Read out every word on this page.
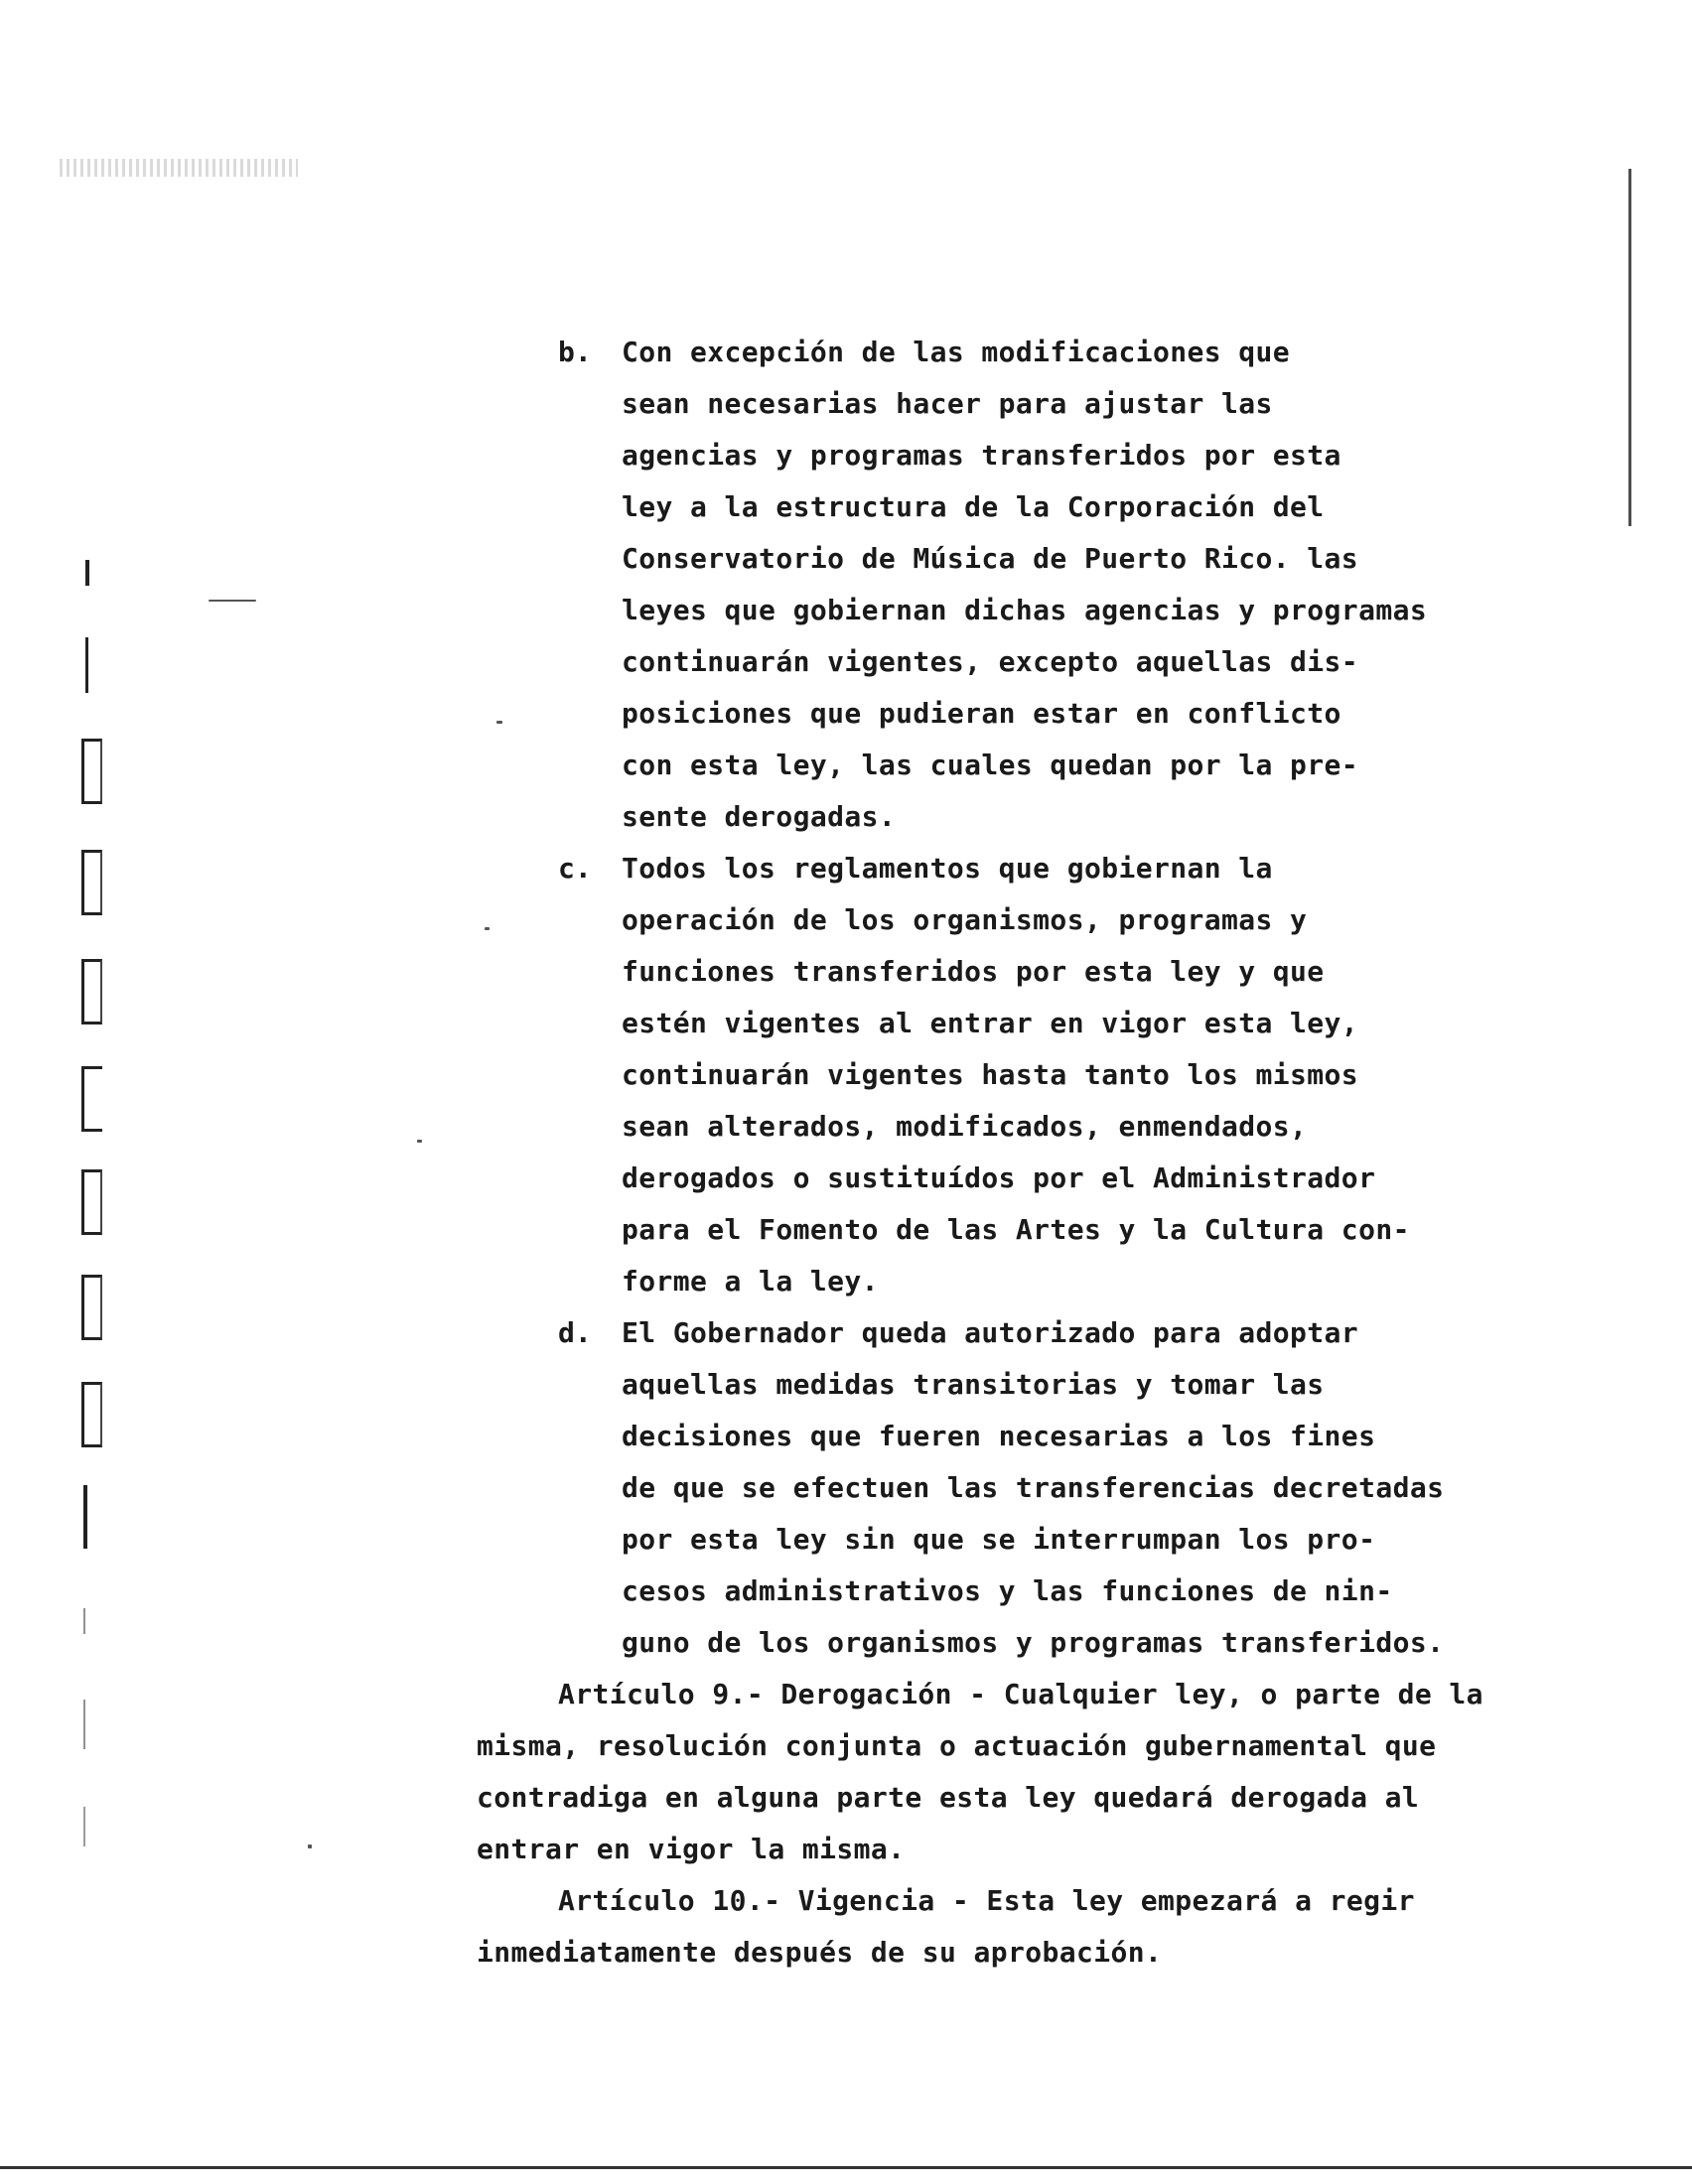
b. Con excepción de las modificaciones que
sean necesarias hacer para ajustar las
agencias y programas transferidos por esta
ley a la estructura de la Corporación del
Conservatorio de Música de Puerto Rico. las
leyes que gobiernan dichas agencias y programas
continuarán vigentes, excepto aquellas dis-
posiciones que pudieran estar en conflicto
con esta ley, las cuales quedan por la pre-
sente derogadas.
c. Todos los reglamentos que gobiernan la
operación de los organismos, programas y
funciones transferidos por esta ley y que
estén vigentes al entrar en vigor esta ley,
continuarán vigentes hasta tanto los mismos
sean alterados, modificados, enmendados,
derogados o sustituídos por el Administrador
para el Fomento de las Artes y la Cultura con-
forme a la ley.
d. El Gobernador queda autorizado para adoptar
aquellas medidas transitorias y tomar las
decisiones que fueren necesarias a los fines
de que se efectuen las transferencias decretadas
por esta ley sin que se interrumpan los pro-
cesos administrativos y las funciones de nin-
guno de los organismos y programas transferidos.
Artículo 9.- Derogación - Cualquier ley, o parte de la
misma, resolución conjunta o actuación gubernamental que
contradiga en alguna parte esta ley quedará derogada al
entrar en vigor la misma.
Artículo 10.- Vigencia - Esta ley empezará a regir
inmediatamente después de su aprobación.
